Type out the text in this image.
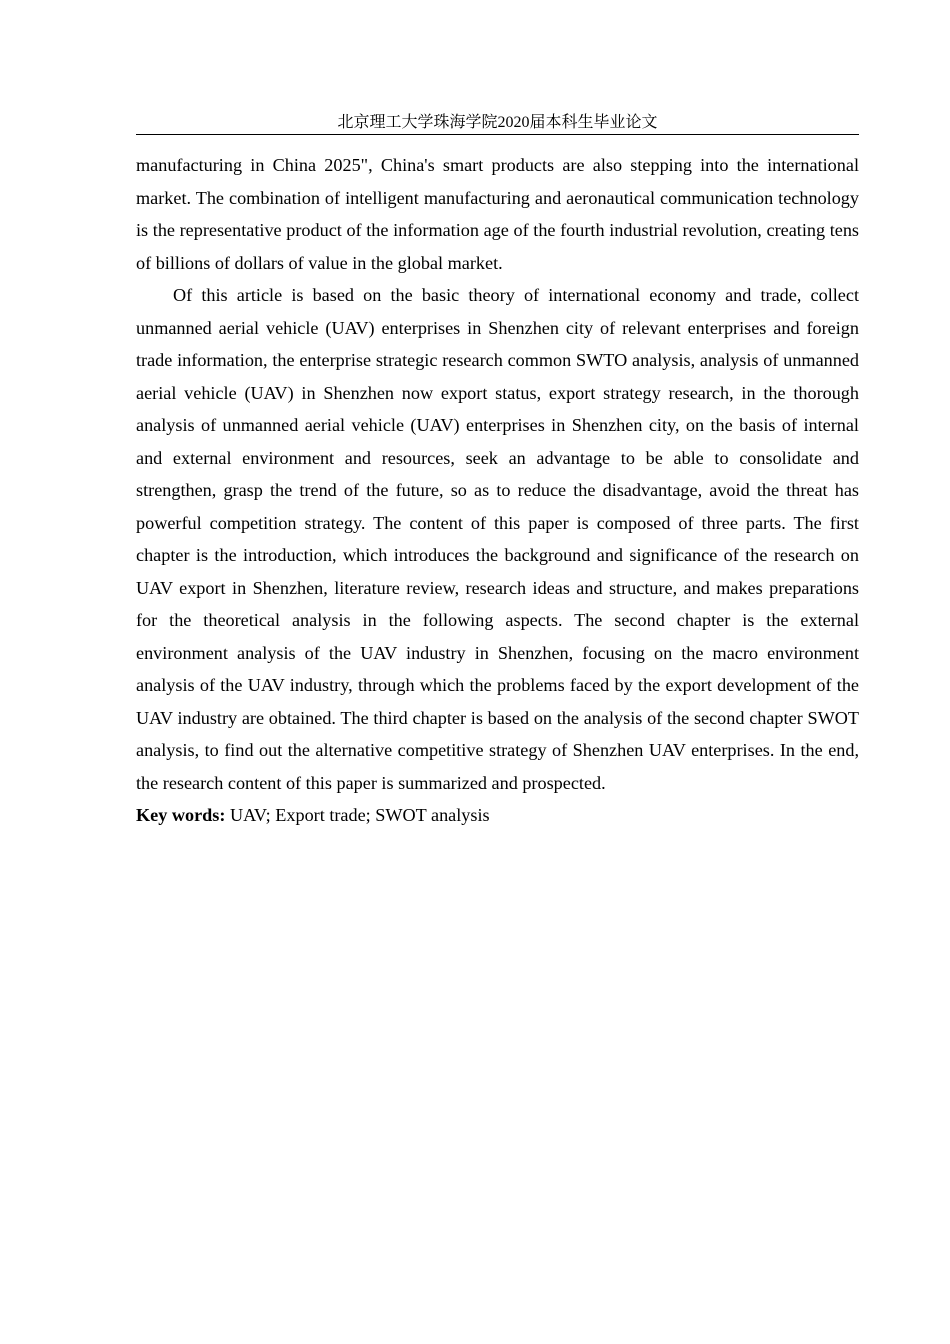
北京理工大学珠海学院2020届本科生毕业论文

manufacturing in China 2025", China's smart products are also stepping into the international market. The combination of intelligent manufacturing and aeronautical communication technology is the representative product of the information age of the fourth industrial revolution, creating tens of billions of dollars of value in the global market.

Of this article is based on the basic theory of international economy and trade, collect unmanned aerial vehicle (UAV) enterprises in Shenzhen city of relevant enterprises and foreign trade information, the enterprise strategic research common SWTO analysis, analysis of unmanned aerial vehicle (UAV) in Shenzhen now export status, export strategy research, in the thorough analysis of unmanned aerial vehicle (UAV) enterprises in Shenzhen city, on the basis of internal and external environment and resources, seek an advantage to be able to consolidate and strengthen, grasp the trend of the future, so as to reduce the disadvantage, avoid the threat has powerful competition strategy. The content of this paper is composed of three parts. The first chapter is the introduction, which introduces the background and significance of the research on UAV export in Shenzhen, literature review, research ideas and structure, and makes preparations for the theoretical analysis in the following aspects. The second chapter is the external environment analysis of the UAV industry in Shenzhen, focusing on the macro environment analysis of the UAV industry, through which the problems faced by the export development of the UAV industry are obtained. The third chapter is based on the analysis of the second chapter SWOT analysis, to find out the alternative competitive strategy of Shenzhen UAV enterprises. In the end, the research content of this paper is summarized and prospected.

Key words: UAV; Export trade; SWOT analysis
